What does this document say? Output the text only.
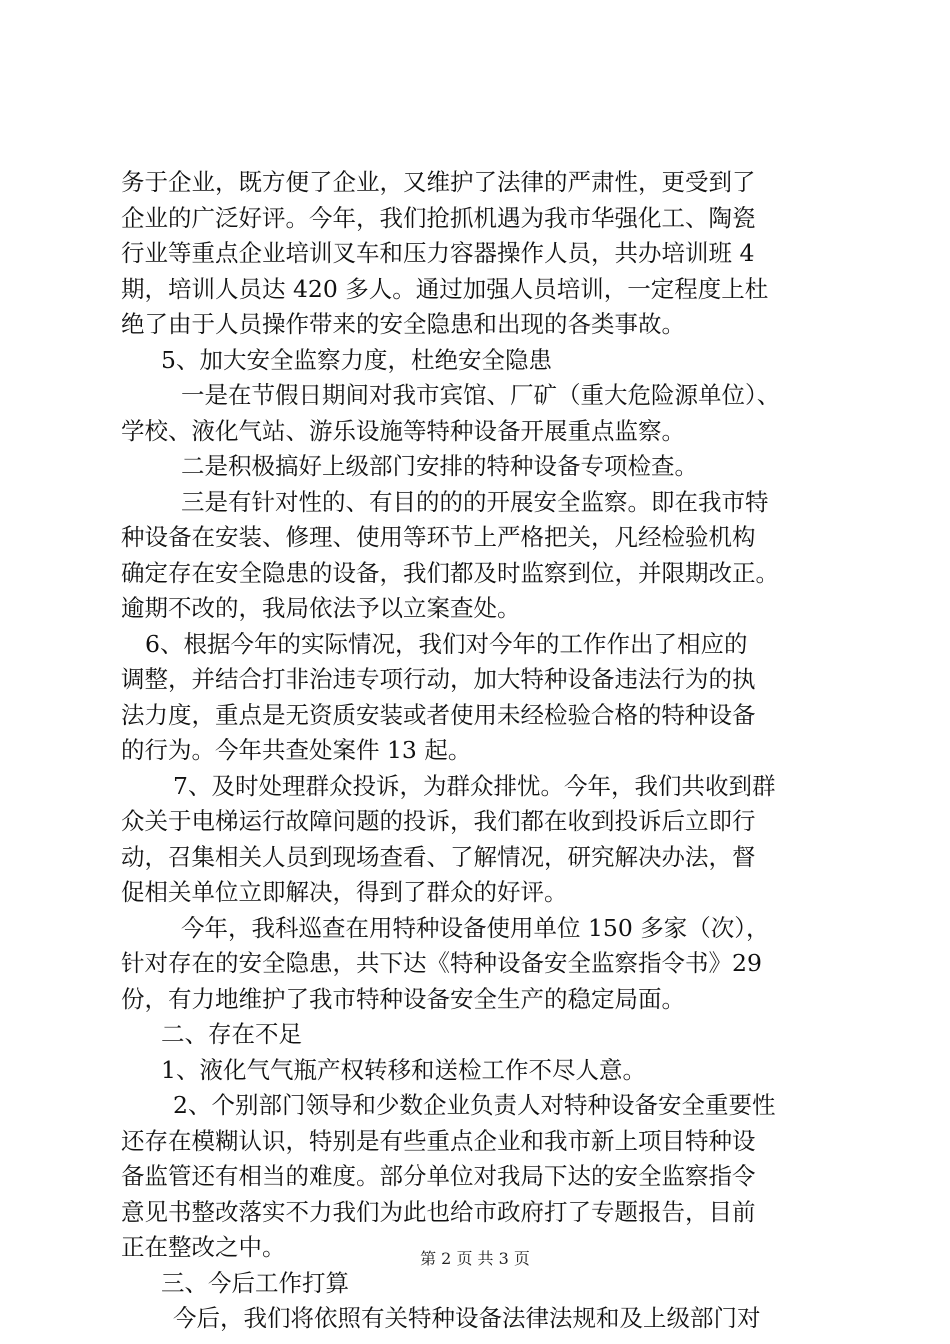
务于企业，既方便了企业，又维护了法律的严肃性，更受到了
企业的广泛好评。今年，我们抢抓机遇为我市华强化工、陶瓷
行业等重点企业培训叉车和压力容器操作人员，共办培训班 4
期，培训人员达 420 多人。通过加强人员培训，一定程度上杜
绝了由于人员操作带来的安全隐患和出现的各类事故。
5、加大安全监察力度，杜绝安全隐患
一是在节假日期间对我市宾馆、厂矿（重大危险源单位）、
学校、液化气站、游乐设施等特种设备开展重点监察。
二是积极搞好上级部门安排的特种设备专项检查。
三是有针对性的、有目的的的开展安全监察。即在我市特
种设备在安装、修理、使用等环节上严格把关，凡经检验机构
确定存在安全隐患的设备，我们都及时监察到位，并限期改正。
逾期不改的，我局依法予以立案查处。
6、根据今年的实际情况，我们对今年的工作作出了相应的
调整，并结合打非治违专项行动，加大特种设备违法行为的执
法力度，重点是无资质安装或者使用未经检验合格的特种设备
的行为。今年共查处案件 13 起。
7、及时处理群众投诉，为群众排忧。今年，我们共收到群
众关于电梯运行故障问题的投诉，我们都在收到投诉后立即行
动，召集相关人员到现场查看、了解情况，研究解决办法，督
促相关单位立即解决，得到了群众的好评。
今年，我科巡查在用特种设备使用单位 150 多家（次），
针对存在的安全隐患，共下达《特种设备安全监察指令书》29
份，有力地维护了我市特种设备安全生产的稳定局面。
二、存在不足
1、液化气气瓶产权转移和送检工作不尽人意。
2、个别部门领导和少数企业负责人对特种设备安全重要性
还存在模糊认识，特别是有些重点企业和我市新上项目特种设
备监管还有相当的难度。部分单位对我局下达的安全监察指令
意见书整改落实不力我们为此也给市政府打了专题报告，目前
正在整改之中。
三、今后工作打算
今后，我们将依照有关特种设备法律法规和及上级部门对
第 2 页 共 3 页
